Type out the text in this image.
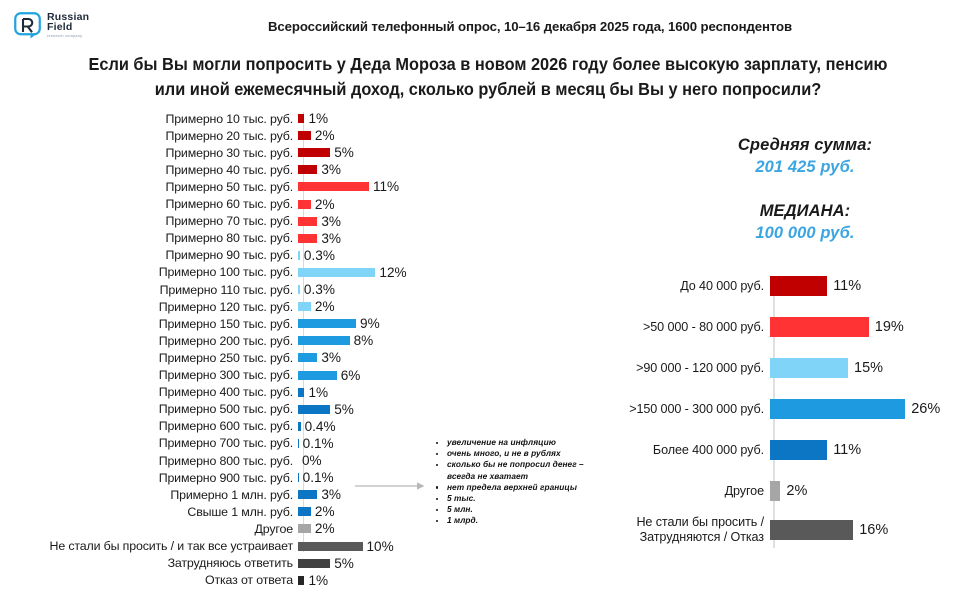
Russian
Field
research company
Всероссийский телефонный опрос, 10–16 декабря 2025 года, 1600 респондентов
Если бы Вы могли попросить у Деда Мороза в новом 2026 году более высокую зарплату, пенсию или иной ежемесячный доход, сколько рублей в месяц бы Вы у него попросили?
Примерно 10 тыс. руб.	1%
Примерно 20 тыс. руб.	2%
Примерно 30 тыс. руб.	5%
Примерно 40 тыс. руб.	3%
Примерно 50 тыс. руб.	11%
Примерно 60 тыс. руб.	2%
Примерно 70 тыс. руб.	3%
Примерно 80 тыс. руб.	3%
Примерно 90 тыс. руб. 0.3%
Примерно 100 тыс. руб.	12%
Примерно 110 тыс. руб. 0.3%
Примерно 120 тыс. руб.	2%
Примерно 150 тыс. руб.	9%
Примерно 200 тыс. руб.	8%
Примерно 250 тыс. руб.	3%
Примерно 300 тыс. руб.	6%
Примерно 400 тыс. руб.	1%
Примерно 500 тыс. руб.	5%
Примерно 600 тыс. руб. 0.4%
Примерно 700 тыс. руб. 0.1%
Примерно 800 тыс. руб. 0%
Примерно 900 тыс. руб. 0.1%
Примерно 1 млн. руб.	3%
Свыше 1 млн. руб.	2%
Другое	2%
Не стали бы просить / и так все устраивает	10%
Затрудняюсь ответить	5%
Отказ от ответа	1%
увеличение на инфляцию
очень много, и не в рублях
сколько бы не попросил денег – всегда не хватает
нет предела верхней границы
5 тыс.
5 млн.
1 млрд.
Средняя сумма:
201 425 руб.
МЕДИАНА:
100 000 руб.
До 40 000 руб.	11%
>50 000 - 80 000 руб.	19%
>90 000 - 120 000 руб.	15%
>150 000 - 300 000 руб.	26%
Более 400 000 руб.	11%
Другое	2%
Не стали бы просить /
Затрудняются / Отказ	16%
